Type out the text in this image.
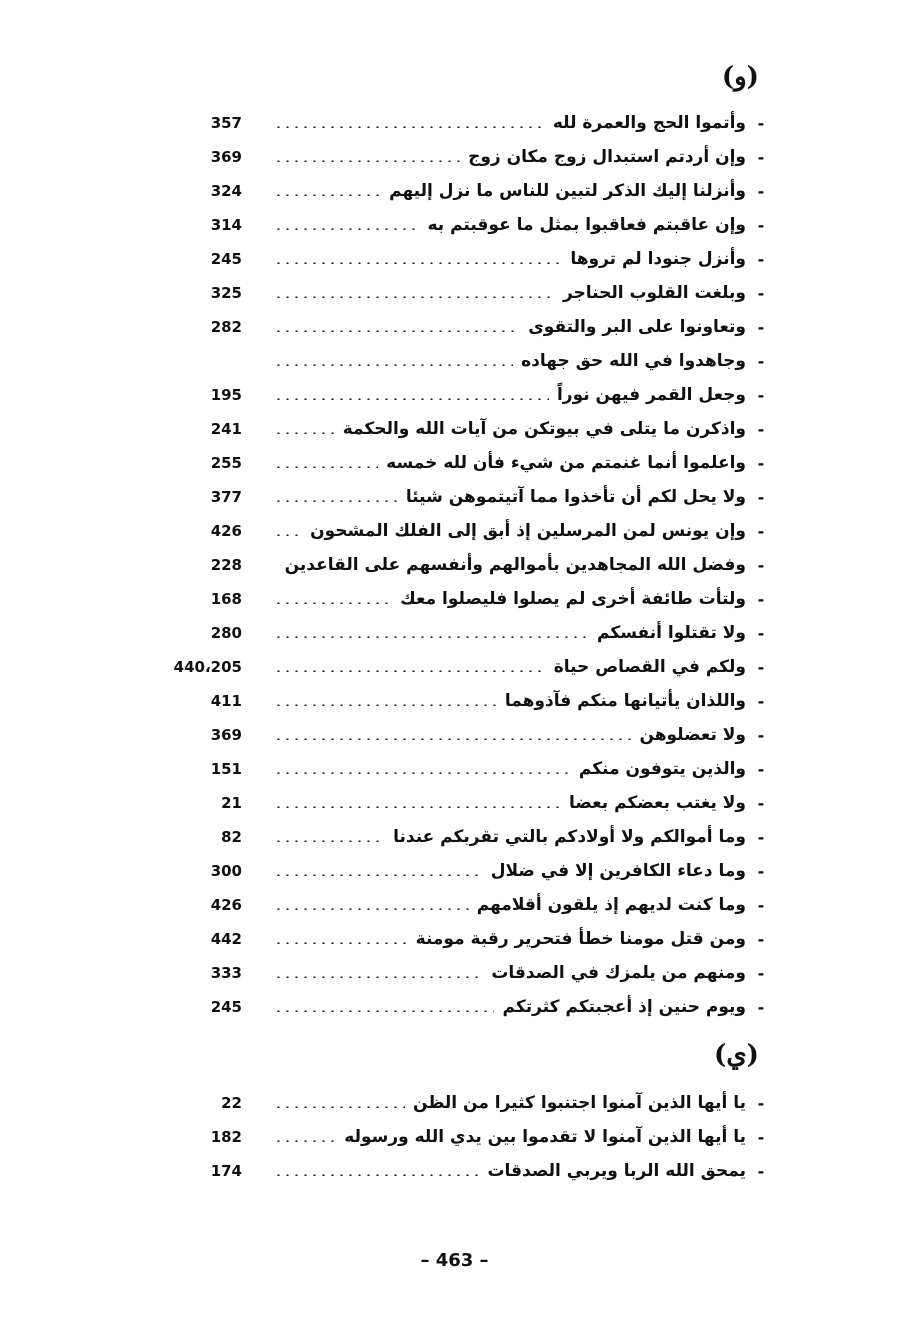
(و)
357	وأتموا الحج والعمرة لله -
369	وإن أردتم استبدال زوج مكان زوج -
324	وأنزلنا إليك الذكر لتبين للناس ما نزل إليهم -
314	وإن عاقبتم فعاقبوا بمثل ما عوقبتم به -
245	وأنزل جنودا لم تروها -
325	وبلغت القلوب الحناجر -
282	وتعاونوا على البر والتقوى -
وجاهدوا في الله حق جهاده -
195	وجعل القمر فيهن نوراً -
241	واذكرن ما يتلى في بيوتكن من آيات الله والحكمة -
255	واعلموا أنما غنمتم من شيء فأن لله خمسه -
377	ولا يحل لكم أن تأخذوا مما آتيتموهن شيئا -
426	وإن يونس لمن المرسلين إذ أبق إلى الفلك المشحون -
228	وفضل الله المجاهدين بأموالهم وأنفسهم على القاعدين -
168	ولتأت طائفة أخرى لم يصلوا فليصلوا معك -
280	ولا تقتلوا أنفسكم -
440،205	ولكم في القصاص حياة -
411	واللذان يأتيانها منكم فآذوهما -
369	ولا تعضلوهن -
151	والذين يتوفون منكم -
21	ولا يغتب بعضكم بعضا -
82	وما أموالكم ولا أولادكم بالتي تقربكم عندنا -
300	وما دعاء الكافرين إلا في ضلال -
426	وما كنت لديهم إذ يلقون أقلامهم -
442	ومن قتل مومنا خطأ فتحرير رقبة مومنة -
333	ومنهم من يلمزك في الصدقات -
245	ويوم حنين إذ أعجبتكم كثرتكم -
(ي)
22	يا أيها الذين آمنوا اجتنبوا كثيرا من الظن -
182	يا أيها الذين آمنوا لا تقدموا بين يدي الله ورسوله -
174	يمحق الله الربا ويربي الصدقات -
– 463 –
